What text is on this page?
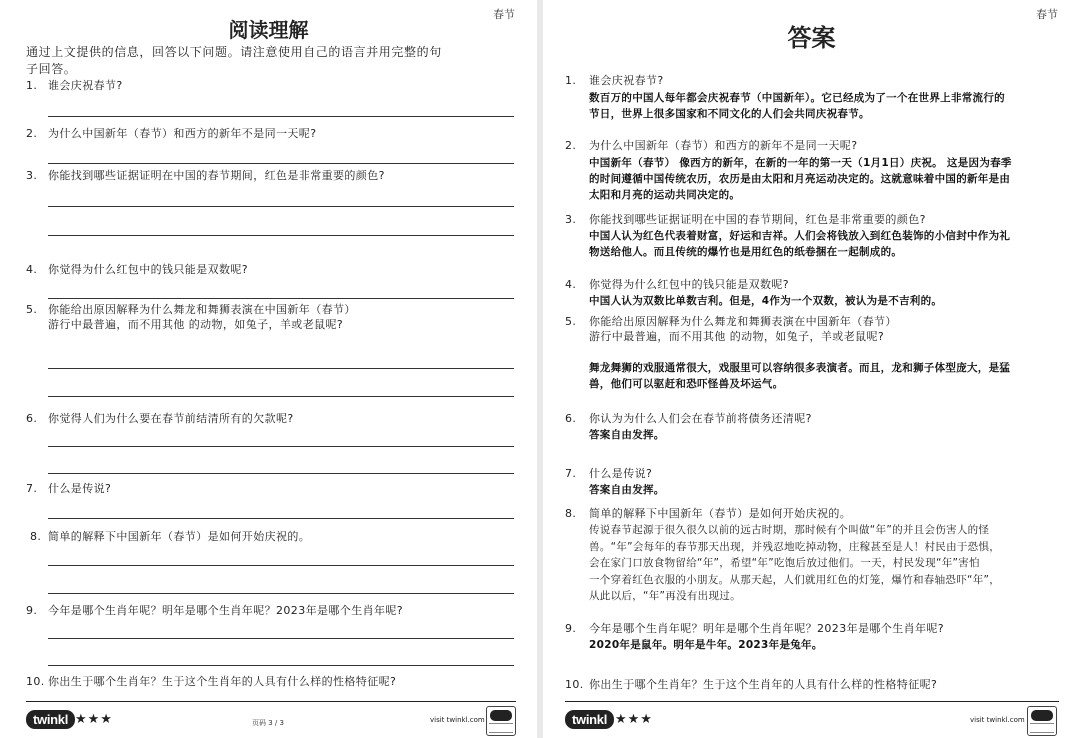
春节
阅读理解
通过上文提供的信息，回答以下问题。请注意使用自己的语言并用完整的句
子回答。
1. 谁会庆祝春节?
2. 为什么中国新年（春节）和西方的新年不是同一天呢?
3. 你能找到哪些证据证明在中国的春节期间，红色是非常重要的颜色?
4. 你觉得为什么红包中的钱只能是双数呢?
5. 你能给出原因解释为什么舞龙和舞狮表演在中国新年（春节）
游行中最普遍，而不用其他 的动物，如兔子，羊或老鼠呢?
6. 你觉得人们为什么要在春节前结清所有的欠款呢?
7. 什么是传说?
8. 简单的解释下中国新年（春节）是如何开始庆祝的。
9. 今年是哪个生肖年呢？明年是哪个生肖年呢？2023年是哪个生肖年呢?
10. 你出生于哪个生肖年？生于这个生肖年的人具有什么样的性格特征呢?
twinkl ★★★	页码 3 / 3	visit twinkl.com
春节
答案
1. 谁会庆祝春节?
数百万的中国人每年都会庆祝春节（中国新年）。它已经成为了一个在世界上非常流行的
节日，世界上很多国家和不同文化的人们会共同庆祝春节。
2. 为什么中国新年（春节）和西方的新年不是同一天呢?
中国新年（春节） 像西方的新年，在新的一年的第一天（1月1日）庆祝。 这是因为春季
的时间遵循中国传统农历，农历是由太阳和月亮运动决定的。这就意味着中国的新年是由
太阳和月亮的运动共同决定的。
3. 你能找到哪些证据证明在中国的春节期间，红色是非常重要的颜色?
中国人认为红色代表着财富，好运和吉祥。人们会将钱放入到红色装饰的小信封中作为礼
物送给他人。而且传统的爆竹也是用红色的纸卷捆在一起制成的。
4. 你觉得为什么红包中的钱只能是双数呢?
中国人认为双数比单数吉利。但是，4作为一个双数，被认为是不吉利的。
5. 你能给出原因解释为什么舞龙和舞狮表演在中国新年（春节）
游行中最普遍，而不用其他 的动物，如兔子，羊或老鼠呢?
舞龙舞狮的戏服通常很大，戏服里可以容纳很多表演者。而且，龙和狮子体型庞大，是猛
兽，他们可以驱赶和恐吓怪兽及坏运气。
6. 你认为为什么人们会在春节前将债务还清呢?
答案自由发挥。
7. 什么是传说?
答案自由发挥。
8. 简单的解释下中国新年（春节）是如何开始庆祝的。
传说春节起源于很久很久以前的远古时期，那时候有个叫做“年”的并且会伤害人的怪
兽。“年”会每年的春节那天出现，并残忍地吃掉动物，庄稼甚至是人！村民由于恐惧，
会在家门口放食物留给“年”，希望“年”吃饱后放过他们。一天，村民发现“年”害怕
一个穿着红色衣服的小朋友。从那天起，人们就用红色的灯笼，爆竹和春轴恐吓“年”，
从此以后，“年”再没有出现过。
9. 今年是哪个生肖年呢？明年是哪个生肖年呢？2023年是哪个生肖年呢?
2020年是鼠年。明年是牛年。2023年是兔年。
10. 你出生于哪个生肖年？生于这个生肖年的人具有什么样的性格特征呢?
twinkl ★★★	visit twinkl.com
